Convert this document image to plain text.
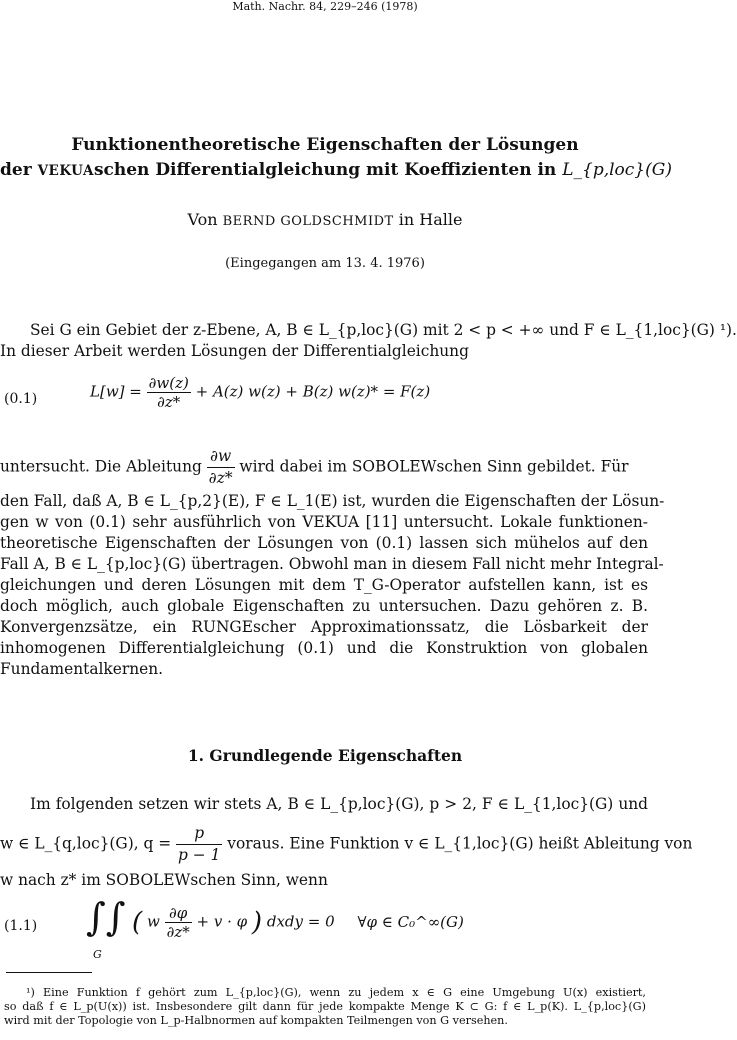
Math. Nachr. 84, 229–246 (1978)
Funktionentheoretische Eigenschaften der Lösungen
der VEKUAschen Differentialgleichung mit Koeffizienten in L_{p,loc}(G)
Von BERND GOLDSCHMIDT in Halle
(Eingegangen am 13. 4. 1976)
Sei G ein Gebiet der z-Ebene, A, B ∈ L_{p,loc}(G) mit 2 < p < +∞ und F ∈ L_{1,loc}(G) ¹).
In dieser Arbeit werden Lösungen der Differentialgleichung
(0.1)	$L[w] = \frac{\partial w(z)}{\partial z*} + A(z) w(z) + B(z) w(z)* = F(z)$
untersucht. Die Ableitung $\frac{\partial w}{\partial z*}$ wird dabei im SOBOLEWschen Sinn gebildet. Für
den Fall, daß A, B ∈ L_{p,2}(E), F ∈ L_1(E) ist, wurden die Eigenschaften der Lösun-
gen w von (0.1) sehr ausführlich von VEKUA [11] untersucht. Lokale funktionen-
theoretische Eigenschaften der Lösungen von (0.1) lassen sich mühelos auf den
Fall A, B ∈ L_{p,loc}(G) übertragen. Obwohl man in diesem Fall nicht mehr Integral-
gleichungen und deren Lösungen mit dem T_G-Operator aufstellen kann, ist es
doch möglich, auch globale Eigenschaften zu untersuchen. Dazu gehören z. B.
Konvergenzsätze, ein RUNGEscher Approximationssatz, die Lösbarkeit der
inhomogenen Differentialgleichung (0.1) und die Konstruktion von globalen
Fundamentalkernen.
1. Grundlegende Eigenschaften
Im folgenden setzen wir stets A, B ∈ L_{p,loc}(G), p > 2, F ∈ L_{1,loc}(G) und
w ∈ L_{q,loc}(G), $q = \frac{p}{p - 1}$ voraus. Eine Funktion v ∈ L_{1,loc}(G) heißt Ableitung von
w nach z* im SOBOLEWschen Sinn, wenn
(1.1) ∫∫
G
( w $\frac{\partial\varphi}{\partial z*} + v \cdot \varphi$ ) dxdy = 0 ∀φ ∈ C₀^∞(G)
¹) Eine Funktion f gehört zum L_{p,loc}(G), wenn zu jedem x ∈ G eine Umgebung U(x) existiert,
so daß f ∈ L_p(U(x)) ist. Insbesondere gilt dann für jede kompakte Menge K ⊂ G: f ∈ L_p(K). L_{p,loc}(G)
wird mit der Topologie von L_p-Halbnormen auf kompakten Teilmengen von G versehen.
